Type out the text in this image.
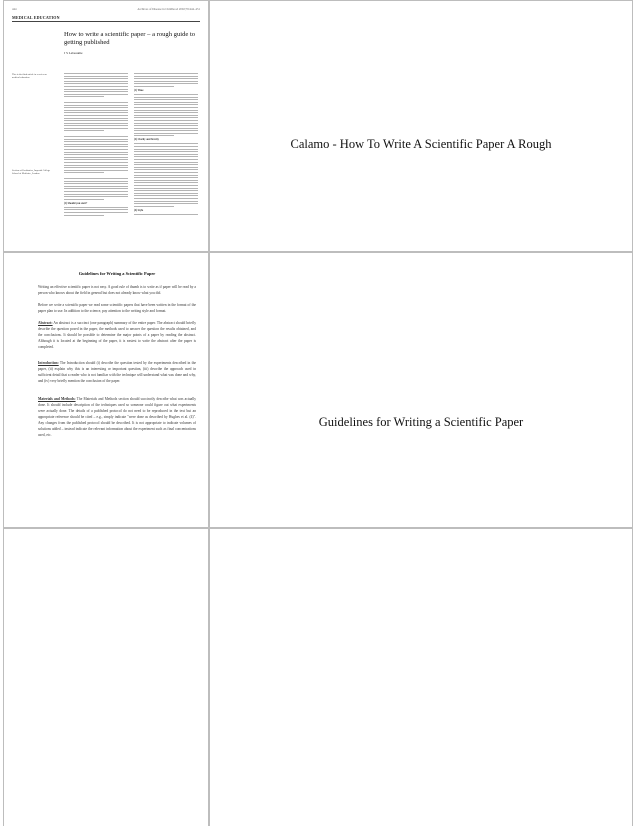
444	Archives of Disease in Childhood 2002;79:444–451
MEDICAL EDUCATION
How to write a scientific paper – a rough guide to getting published
J S Lebeaume
This is the third article in a series on medical education
Section of Paediatrics, Imperial College School of Medicine, London
(1) Should you start?
(1) Time
(2) Clarity and brevity
(4) Style
Calamo - How To Write A Scientific Paper A Rough
Guidelines for Writing a Scientific Paper
Writing an effective scientific paper is not easy. A good rule of thumb is to write as if paper will be read by a person who knows about the field in general but does not already know what you did.
Before we write a scientific paper we read some scientific papers that have been written in the format of the paper plan to use. In addition to the science, pay attention to the writing style and format.
Abstract: An abstract is a succinct (one paragraph) summary of the entire paper. The abstract should briefly describe the question posed in the paper, the methods used to answer the question the results obtained, and the conclusions. It should be possible to determine the major points of a paper by reading the abstract. Although it is located at the beginning of the paper, it is easiest to write the abstract after the paper is completed.
Introduction: The Introduction should (i) describe the question tested by the experiments described in the paper, (ii) explain why this is an interesting or important question, (iii) describe the approach used in sufficient detail that a reader who is not familiar with the technique will understand what was done and why, and (iv) very briefly mention the conclusion of the paper.
Materials and Methods: The Materials and Methods section should succinctly describe what was actually done. It should include description of the techniques used so someone could figure out what experiments were actually done. The details of a published protocol do not need to be reproduced in the text but an appropriate reference should be cited – e.g., simply indicate "were done as described by Hughes et al. (4)". Any changes from the published protocol should be described. It is not appropriate to indicate volumes of solutions added – instead indicate the relevant information about the experiment such as final concentrations used, etc.
Guidelines for Writing a Scientific Paper
